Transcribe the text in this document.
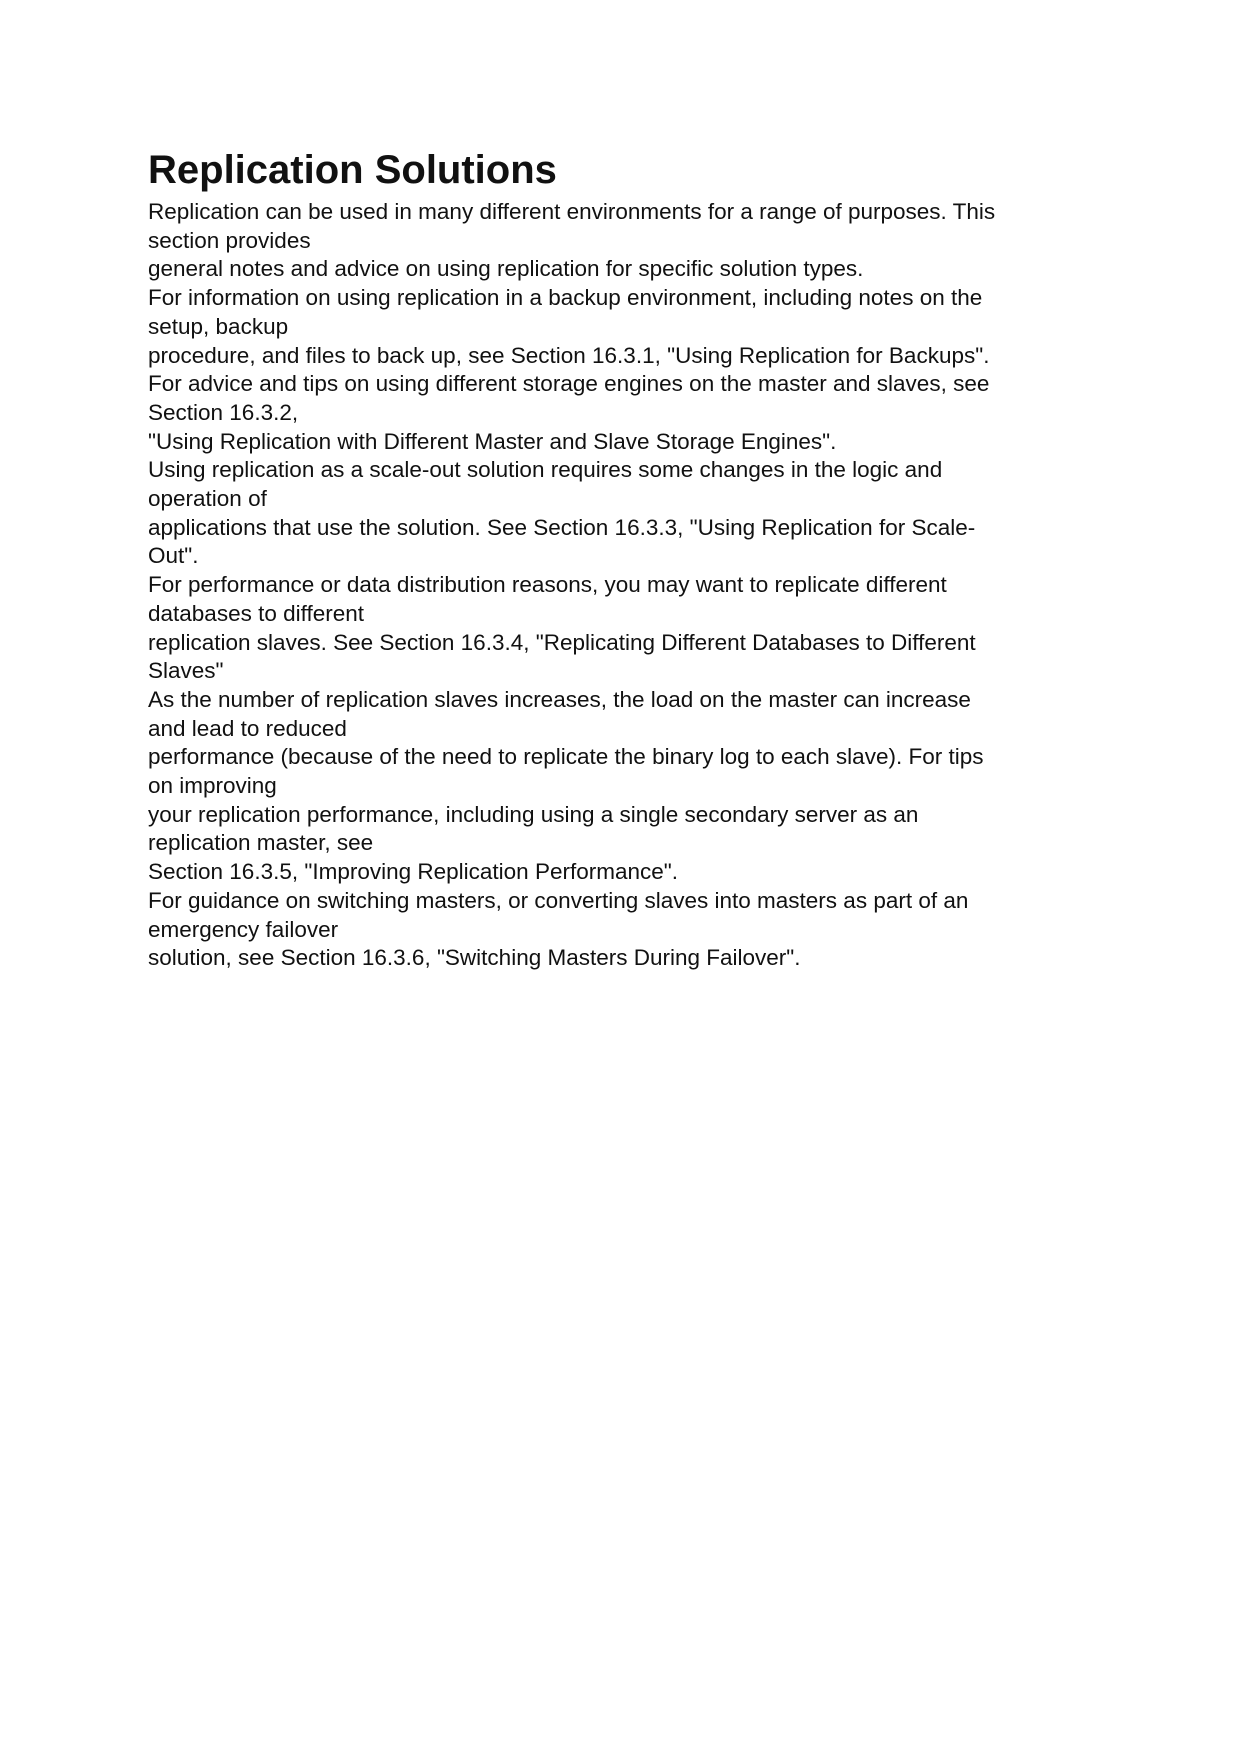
Replication Solutions
Replication can be used in many different environments for a range of purposes. This
section provides
general notes and advice on using replication for specific solution types.
For information on using replication in a backup environment, including notes on the
setup, backup
procedure, and files to back up, see Section 16.3.1, "Using Replication for Backups".
For advice and tips on using different storage engines on the master and slaves, see
Section 16.3.2,
"Using Replication with Different Master and Slave Storage Engines".
Using replication as a scale-out solution requires some changes in the logic and
operation of
applications that use the solution. See Section 16.3.3, "Using Replication for Scale-
Out".
For performance or data distribution reasons, you may want to replicate different
databases to different
replication slaves. See Section 16.3.4, "Replicating Different Databases to Different
Slaves"
As the number of replication slaves increases, the load on the master can increase
and lead to reduced
performance (because of the need to replicate the binary log to each slave). For tips
on improving
your replication performance, including using a single secondary server as an
replication master, see
Section 16.3.5, "Improving Replication Performance".
For guidance on switching masters, or converting slaves into masters as part of an
emergency failover
solution, see Section 16.3.6, "Switching Masters During Failover".
